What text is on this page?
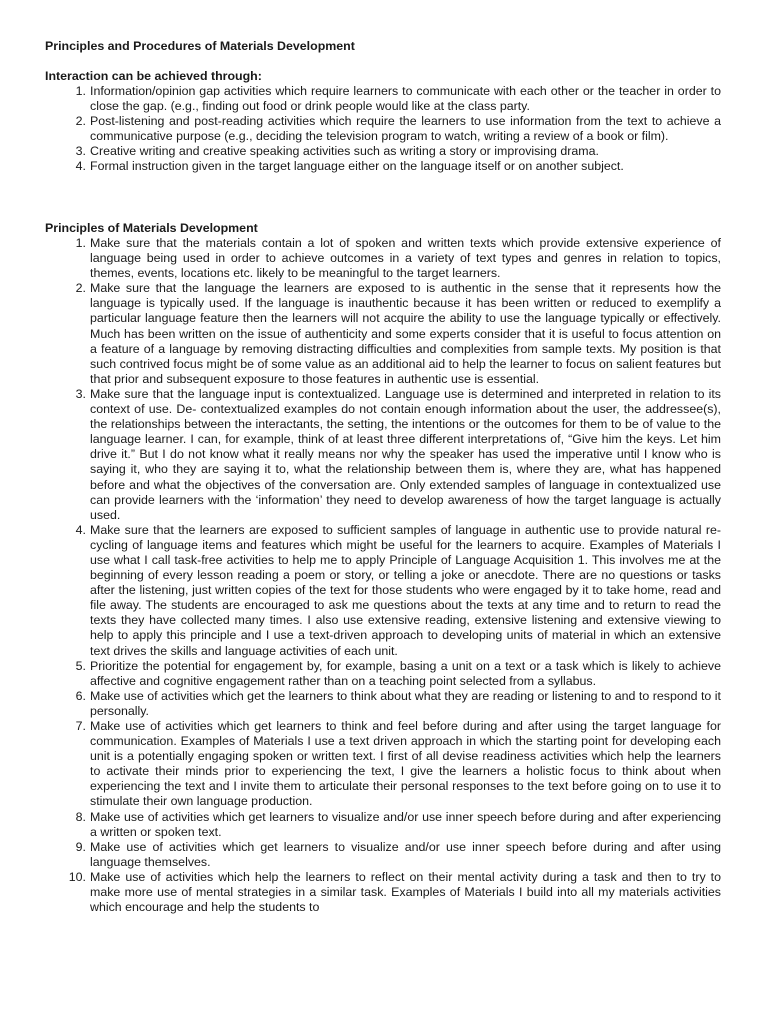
Principles and Procedures of Materials Development
Interaction can be achieved through:
1. Information/opinion gap activities which require learners to communicate with each other or the teacher in order to close the gap. (e.g., finding out food or drink people would like at the class party.
2. Post-listening and post-reading activities which require the learners to use information from the text to achieve a communicative purpose (e.g., deciding the television program to watch, writing a review of a book or film).
3. Creative writing and creative speaking activities such as writing a story or improvising drama.
4. Formal instruction given in the target language either on the language itself or on another subject.
Principles of Materials Development
1. Make sure that the materials contain a lot of spoken and written texts which provide extensive experience of language being used in order to achieve outcomes in a variety of text types and genres in relation to topics, themes, events, locations etc. likely to be meaningful to the target learners.
2. Make sure that the language the learners are exposed to is authentic in the sense that it represents how the language is typically used. If the language is inauthentic because it has been written or reduced to exemplify a particular language feature then the learners will not acquire the ability to use the language typically or effectively. Much has been written on the issue of authenticity and some experts consider that it is useful to focus attention on a feature of a language by removing distracting difficulties and complexities from sample texts. My position is that such contrived focus might be of some value as an additional aid to help the learner to focus on salient features but that prior and subsequent exposure to those features in authentic use is essential.
3. Make sure that the language input is contextualized. Language use is determined and interpreted in relation to its context of use. De- contextualized examples do not contain enough information about the user, the addressee(s), the relationships between the interactants, the setting, the intentions or the outcomes for them to be of value to the language learner. I can, for example, think of at least three different interpretations of, “Give him the keys. Let him drive it.” But I do not know what it really means nor why the speaker has used the imperative until I know who is saying it, who they are saying it to, what the relationship between them is, where they are, what has happened before and what the objectives of the conversation are. Only extended samples of language in contextualized use can provide learners with the ‘information’ they need to develop awareness of how the target language is actually used.
4. Make sure that the learners are exposed to sufficient samples of language in authentic use to provide natural re-cycling of language items and features which might be useful for the learners to acquire. Examples of Materials I use what I call task-free activities to help me to apply Principle of Language Acquisition 1. This involves me at the beginning of every lesson reading a poem or story, or telling a joke or anecdote. There are no questions or tasks after the listening, just written copies of the text for those students who were engaged by it to take home, read and file away. The students are encouraged to ask me questions about the texts at any time and to return to read the texts they have collected many times. I also use extensive reading, extensive listening and extensive viewing to help to apply this principle and I use a text-driven approach to developing units of material in which an extensive text drives the skills and language activities of each unit.
5. Prioritize the potential for engagement by, for example, basing a unit on a text or a task which is likely to achieve affective and cognitive engagement rather than on a teaching point selected from a syllabus.
6. Make use of activities which get the learners to think about what they are reading or listening to and to respond to it personally.
7. Make use of activities which get learners to think and feel before during and after using the target language for communication. Examples of Materials I use a text driven approach in which the starting point for developing each unit is a potentially engaging spoken or written text. I first of all devise readiness activities which help the learners to activate their minds prior to experiencing the text, I give the learners a holistic focus to think about when experiencing the text and I invite them to articulate their personal responses to the text before going on to use it to stimulate their own language production.
8. Make use of activities which get learners to visualize and/or use inner speech before during and after experiencing a written or spoken text.
9. Make use of activities which get learners to visualize and/or use inner speech before during and after using language themselves.
10. Make use of activities which help the learners to reflect on their mental activity during a task and then to try to make more use of mental strategies in a similar task. Examples of Materials I build into all my materials activities which encourage and help the students to
